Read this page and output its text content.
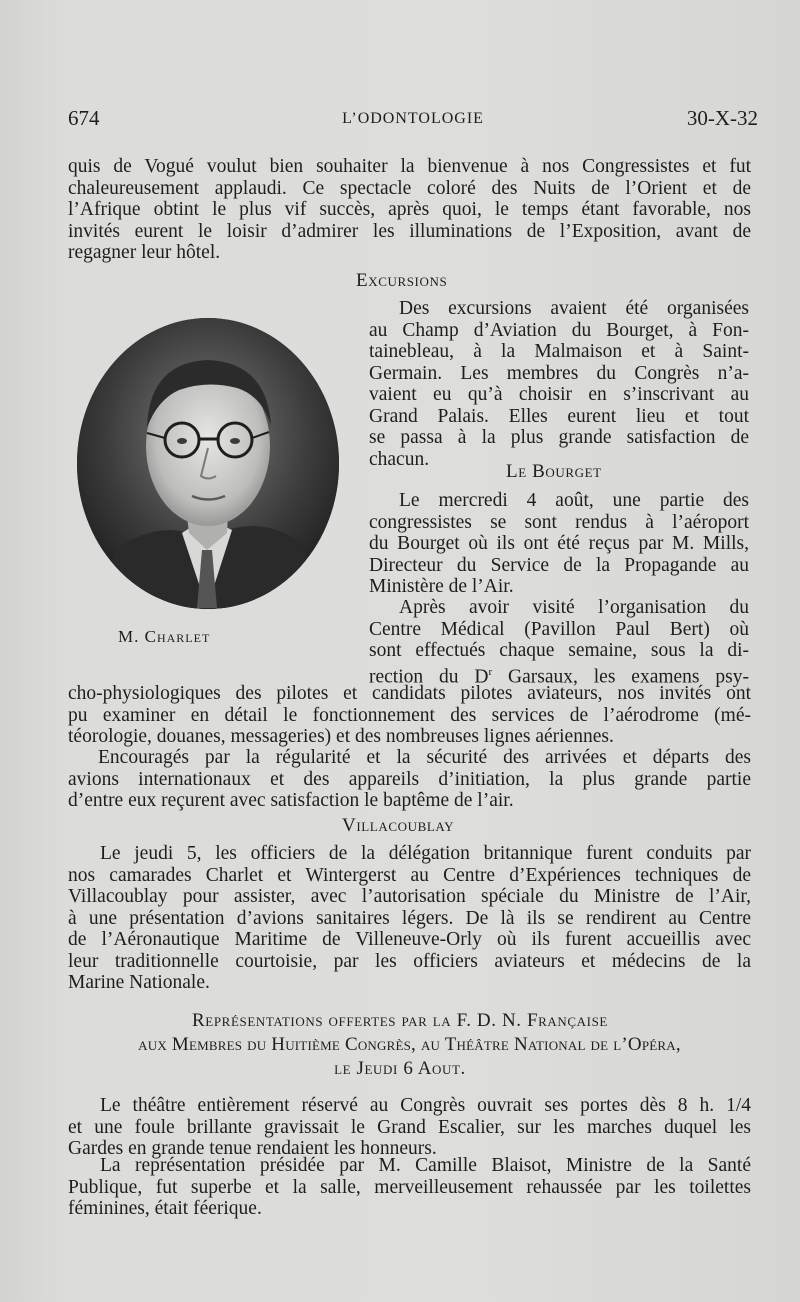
674	L’ODONTOLOGIE	30-X-32
quis de Vogué voulut bien souhaiter la bienvenue à nos Congressistes et fut
chaleureusement applaudi. Ce spectacle coloré des Nuits de l’Orient et de
l’Afrique obtint le plus vif succès, après quoi, le temps étant favorable, nos
invités eurent le loisir d’admirer les illuminations de l’Exposition, avant de
regagner leur hôtel.
Excursions
Des excursions avaient été organisées
au Champ d’Aviation du Bourget, à Fon-
tainebleau, à la Malmaison et à Saint-
Germain. Les membres du Congrès n’a-
vaient eu qu’à choisir en s’inscrivant au
Grand Palais. Elles eurent lieu et tout
se passa à la plus grande satisfaction de
chacun.
Le Bourget
Le mercredi 4 août, une partie des
congressistes se sont rendus à l’aéroport
du Bourget où ils ont été reçus par M. Mills,
Directeur du Service de la Propagande au
Ministère de l’Air.
Après avoir visité l’organisation du
Centre Médical (Pavillon Paul Bert) où
sont effectués chaque semaine, sous la di-
rection du $D^r$ Garsaux, les examens psy-
M. Charlet
cho-physiologiques des pilotes et candidats pilotes aviateurs, nos invités ont
pu examiner en détail le fonctionnement des services de l’aérodrome (mé-
téorologie, douanes, messageries) et des nombreuses lignes aériennes.
Encouragés par la régularité et la sécurité des arrivées et départs des
avions internationaux et des appareils d’initiation, la plus grande partie
d’entre eux reçurent avec satisfaction le baptême de l’air.
Villacoublay
Le jeudi 5, les officiers de la délégation britannique furent conduits par
nos camarades Charlet et Wintergerst au Centre d’Expériences techniques de
Villacoublay pour assister, avec l’autorisation spéciale du Ministre de l’Air,
à une présentation d’avions sanitaires légers. De là ils se rendirent au Centre
de l’Aéronautique Maritime de Villeneuve-Orly où ils furent accueillis avec
leur traditionnelle courtoisie, par les officiers aviateurs et médecins de la
Marine Nationale.
Représentations offertes par la F. D. N. Française
aux Membres du Huitième Congrès, au Théâtre National de l’Opéra,
le Jeudi 6 Aout.
Le théâtre entièrement réservé au Congrès ouvrait ses portes dès 8 h. 1/4
et une foule brillante gravissait le Grand Escalier, sur les marches duquel les
Gardes en grande tenue rendaient les honneurs.
La représentation présidée par M. Camille Blaisot, Ministre de la Santé
Publique, fut superbe et la salle, merveilleusement rehaussée par les toilettes
féminines, était féerique.
